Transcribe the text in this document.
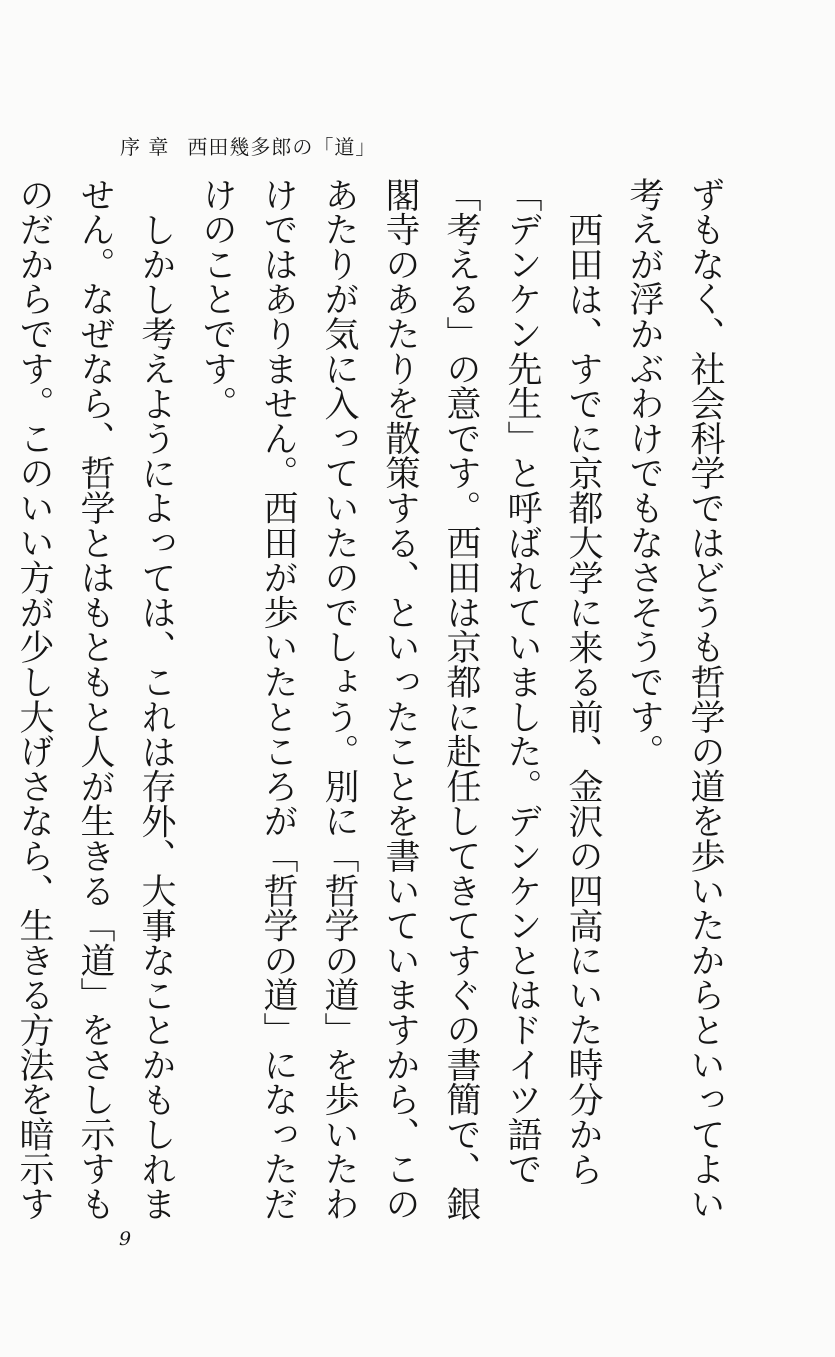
序 章 西田幾多郎の「道」

ずもなく、社会科学ではどうも哲学の道を歩いたからといってよい考えが浮かぶわけでもなさそうです。

西田は、すでに京都大学に来る前、金沢の四高にいた時分から「デンケン先生」と呼ばれていました。デンケンとはドイツ語で「考える」の意です。西田は京都に赴任してきてすぐの書簡で、銀閣寺のあたりを散策する、といったことを書いていますから、このあたりが気に入っていたのでしょう。別に「哲学の道」を歩いたわけではありません。西田が歩いたところが「哲学の道」になっただけのことです。

しかし考えようによっては、これは存外、大事なことかもしれません。なぜなら、哲学とはもともと人が生きる「道」をさし示すものだからです。このいい方が少し大げさなら、生きる方法を暗示す

9
